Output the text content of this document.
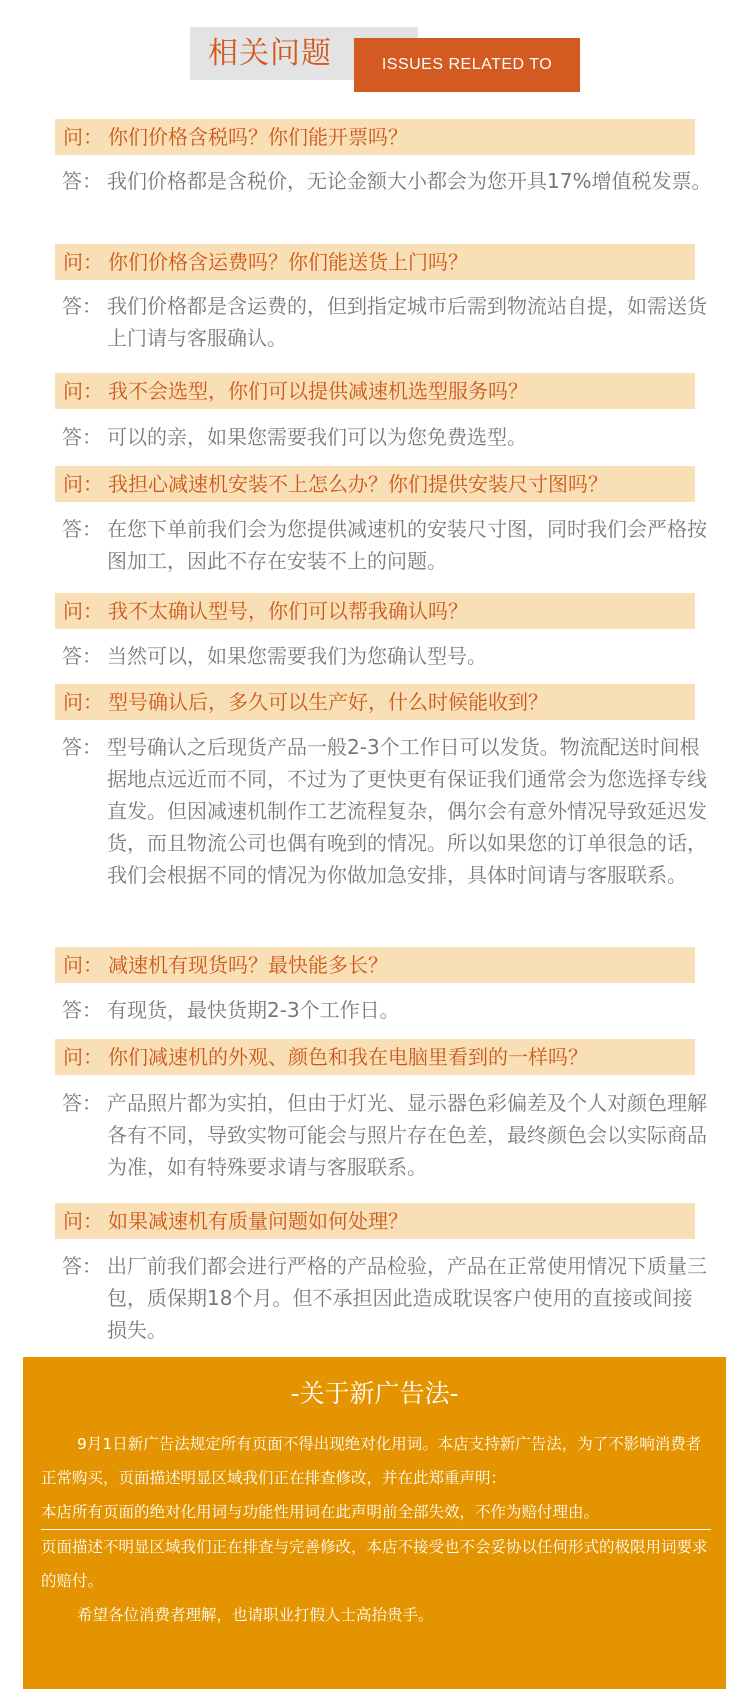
相关问题	ISSUES RELATED TO
问： 你们价格含税吗？你们能开票吗？
答： 我们价格都是含税价，无论金额大小都会为您开具17%增值税发票。
问： 你们价格含运费吗？你们能送货上门吗？
答： 我们价格都是含运费的，但到指定城市后需到物流站自提，如需送货上门请与客服确认。
问： 我不会选型，你们可以提供减速机选型服务吗？
答： 可以的亲，如果您需要我们可以为您免费选型。
问： 我担心减速机安装不上怎么办？你们提供安装尺寸图吗？
答： 在您下单前我们会为您提供减速机的安装尺寸图，同时我们会严格按图加工，因此不存在安装不上的问题。
问： 我不太确认型号，你们可以帮我确认吗？
答： 当然可以，如果您需要我们为您确认型号。
问： 型号确认后，多久可以生产好，什么时候能收到？
答： 型号确认之后现货产品一般2-3个工作日可以发货。物流配送时间根据地点远近而不同，不过为了更快更有保证我们通常会为您选择专线直发。但因减速机制作工艺流程复杂，偶尔会有意外情况导致延迟发货，而且物流公司也偶有晚到的情况。所以如果您的订单很急的话，我们会根据不同的情况为你做加急安排，具体时间请与客服联系。
问： 减速机有现货吗？最快能多长？
答： 有现货，最快货期2-3个工作日。
问： 你们减速机的外观、颜色和我在电脑里看到的一样吗？
答： 产品照片都为实拍，但由于灯光、显示器色彩偏差及个人对颜色理解各有不同，导致实物可能会与照片存在色差，最终颜色会以实际商品为准，如有特殊要求请与客服联系。
问： 如果减速机有质量问题如何处理？
答： 出厂前我们都会进行严格的产品检验，产品在正常使用情况下质量三包，质保期18个月。但不承担因此造成耽误客户使用的直接或间接损失。
-关于新广告法-

9月1日新广告法规定所有页面不得出现绝对化用词。本店支持新广告法，为了不影响消费者正常购买，页面描述明显区域我们正在排查修改，并在此郑重声明：

本店所有页面的绝对化用词与功能性用词在此声明前全部失效，不作为赔付理由。

页面描述不明显区域我们正在排查与完善修改，本店不接受也不会妥协以任何形式的极限用词要求的赔付。

希望各位消费者理解，也请职业打假人士高抬贵手。
